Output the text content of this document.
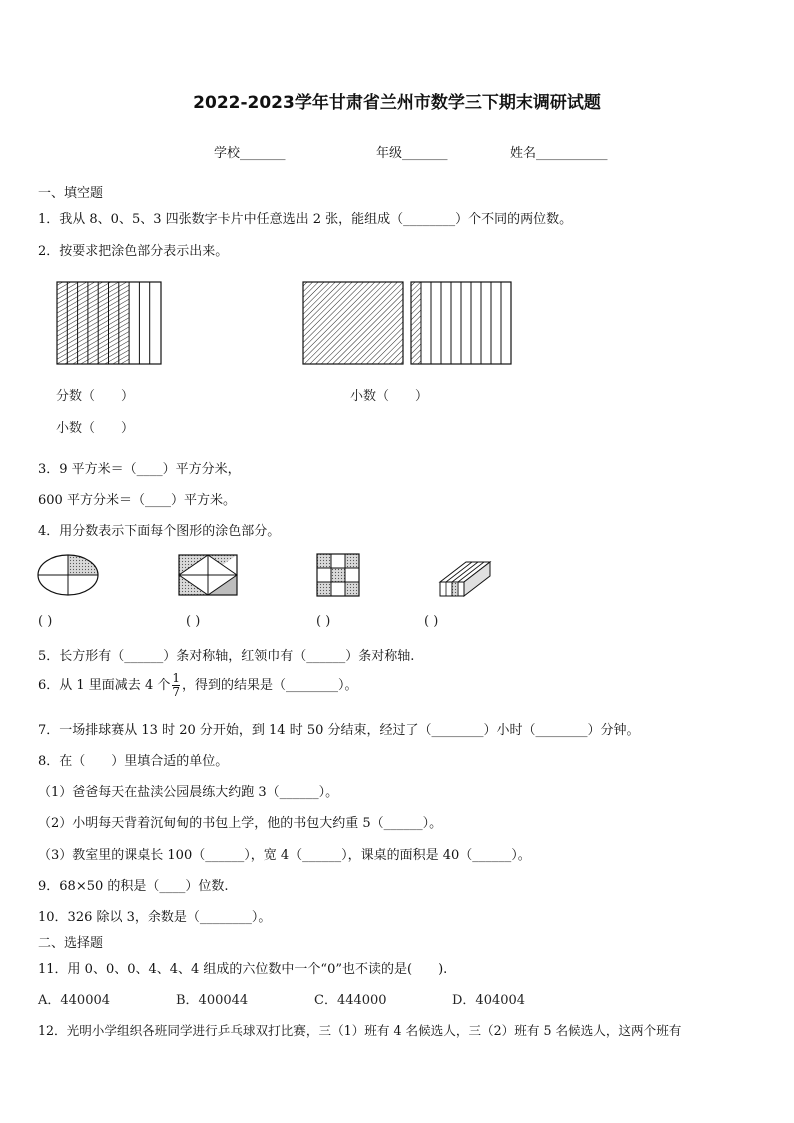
2022-2023学年甘肃省兰州市数学三下期末调研试题
学校_______	年级_______	姓名___________
一、填空题
1．我从 8、0、5、3 四张数字卡片中任意选出 2 张，能组成（________）个不同的两位数。
2．按要求把涂色部分表示出来。
分数（　　）	小数（　　）
小数（　　）
3．9 平方米＝（____）平方分米，
600 平方分米＝（____）平方米。
4．用分数表示下面每个图形的涂色部分。
( )	( )	( )	( )
5．长方形有（______）条对称轴，红领巾有（______）条对称轴.
6．从 1 里面减去 4 个 $\frac{1}{7}$ ，得到的结果是（________）。
7．一场排球赛从 13 时 20 分开始，到 14 时 50 分结束，经过了（________）小时（________）分钟。
8．在（　　）里填合适的单位。
（1）爸爸每天在盐渎公园晨练大约跑 3（______）。
（2）小明每天背着沉甸甸的书包上学，他的书包大约重 5（______）。
（3）教室里的课桌长 100（______），宽 4（______），课桌的面积是 40（______）。
9．68×50 的积是（____）位数.
10．326 除以 3，余数是（________）。
二、选择题
11．用 0、0、0、4、4、4 组成的六位数中一个“0”也不读的是(　　).
A．440004	B．400044	C．444000	D．404004
12．光明小学组织各班同学进行乒乓球双打比赛，三（1）班有 4 名候选人，三（2）班有 5 名候选人，这两个班有
